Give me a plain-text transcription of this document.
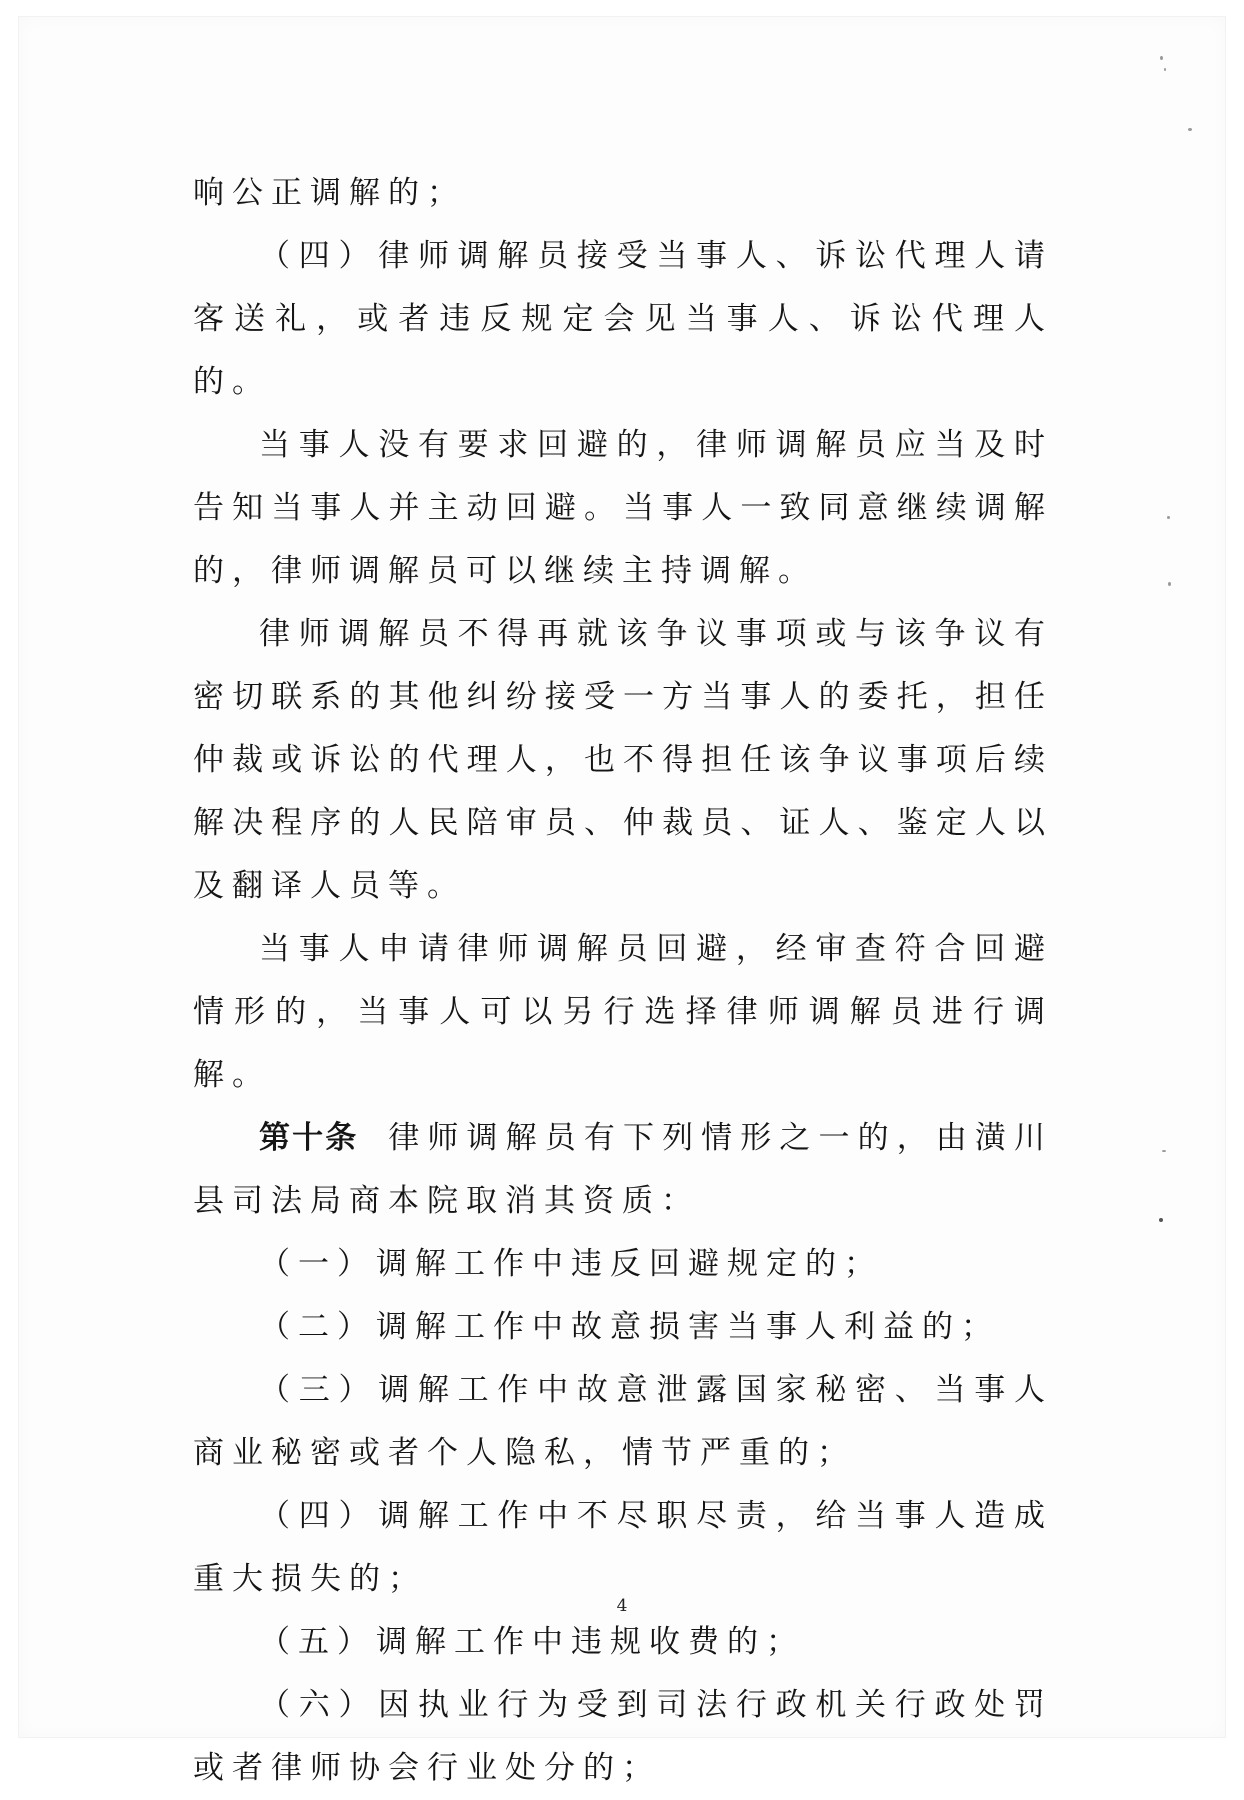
响公正调解的；

（四）律师调解员接受当事人、诉讼代理人请客送礼，或者违反规定会见当事人、诉讼代理人的。

当事人没有要求回避的，律师调解员应当及时告知当事人并主动回避。当事人一致同意继续调解的，律师调解员可以继续主持调解。

律师调解员不得再就该争议事项或与该争议有密切联系的其他纠纷接受一方当事人的委托，担任仲裁或诉讼的代理人，也不得担任该争议事项后续解决程序的人民陪审员、仲裁员、证人、鉴定人以及翻译人员等。

当事人申请律师调解员回避，经审查符合回避情形的，当事人可以另行选择律师调解员进行调解。

第十条 律师调解员有下列情形之一的，由潢川县司法局商本院取消其资质：

（一）调解工作中违反回避规定的；

（二）调解工作中故意损害当事人利益的；

（三）调解工作中故意泄露国家秘密、当事人商业秘密或者个人隐私，情节严重的；

（四）调解工作中不尽职尽责，给当事人造成重大损失的；

（五）调解工作中违规收费的；

（六）因执业行为受到司法行政机关行政处罚或者律师协会行业处分的；

4
